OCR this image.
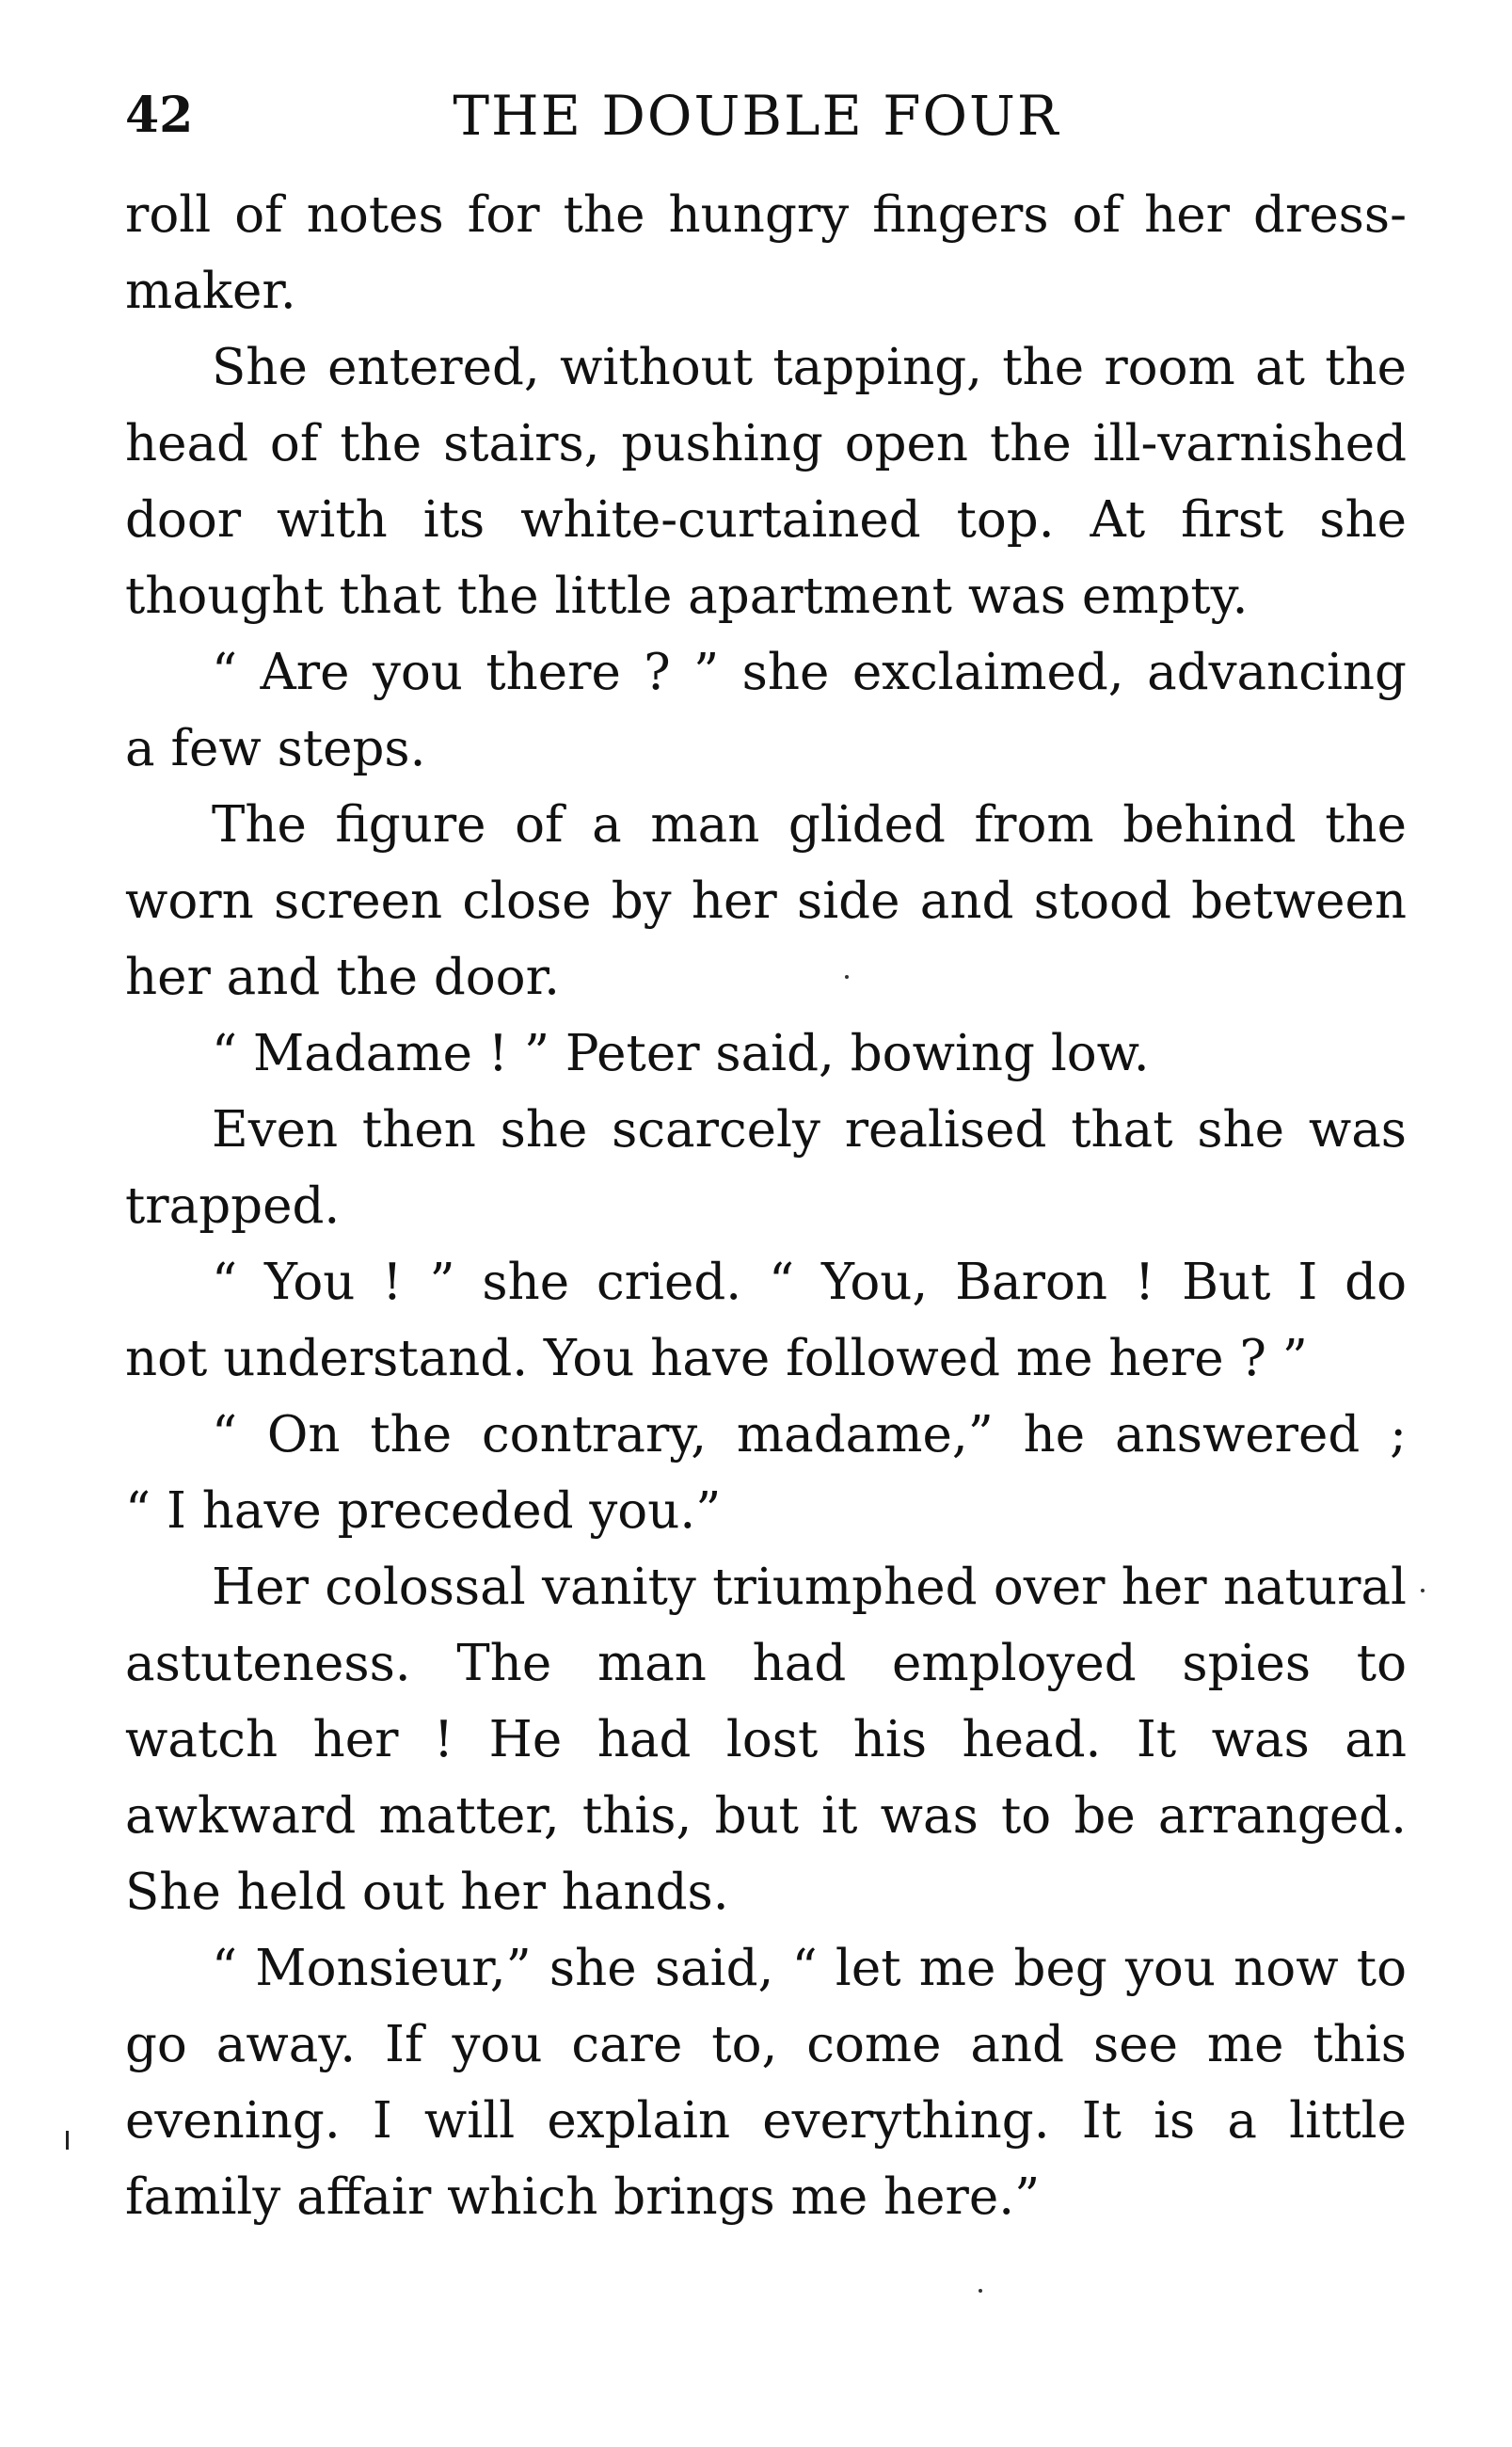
42	THE DOUBLE FOUR
roll of notes for the hungry fingers of her dress-
maker.
She entered, without tapping, the room at the
head of the stairs, pushing open the ill-varnished
door with its white-curtained top. At first she
thought that the little apartment was empty.
“ Are you there ? ” she exclaimed, advancing
a few steps.
The figure of a man glided from behind the
worn screen close by her side and stood between
her and the door.
“ Madame ! ” Peter said, bowing low.
Even then she scarcely realised that she was
trapped.
“ You ! ” she cried. “ You, Baron ! But I do
not understand. You have followed me here ? ”
“ On the contrary, madame,” he answered ;
“ I have preceded you.”
Her colossal vanity triumphed over her natural
astuteness. The man had employed spies to
watch her ! He had lost his head. It was an
awkward matter, this, but it was to be arranged.
She held out her hands.
“ Monsieur,” she said, “ let me beg you now to
go away. If you care to, come and see me this
evening. I will explain everything. It is a little
family affair which brings me here.”
